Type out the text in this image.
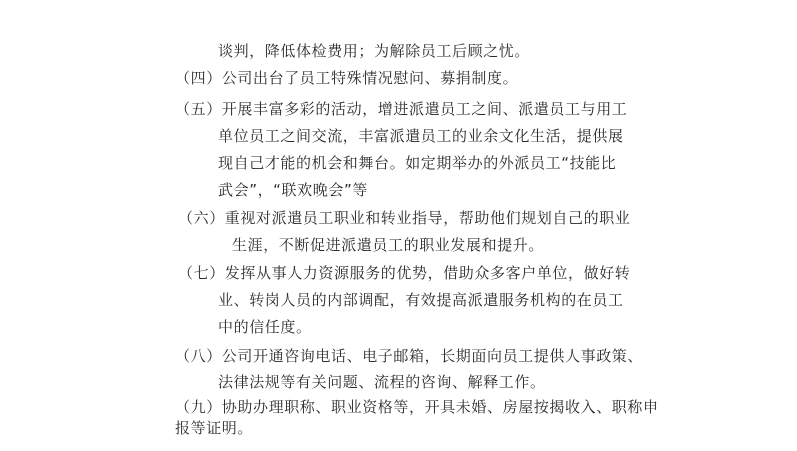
谈判，降低体检费用；为解除员工后顾之忧。
（四）公司出台了员工特殊情况慰问、募捐制度。
（五）开展丰富多彩的活动，增进派遣员工之间、派遣员工与用工
单位员工之间交流，丰富派遣员工的业余文化生活，提供展
现自己才能的机会和舞台。如定期举办的外派员工“技能比
武会”，“联欢晚会”等
（六）重视对派遣员工职业和转业指导，帮助他们规划自己的职业
生涯，不断促进派遣员工的职业发展和提升。
（七）发挥从事人力资源服务的优势，借助众多客户单位，做好转
业、转岗人员的内部调配，有效提高派遣服务机构的在员工
中的信任度。
（八）公司开通咨询电话、电子邮箱，长期面向员工提供人事政策、
法律法规等有关问题、流程的咨询、解释工作。
（九）协助办理职称、职业资格等，开具未婚、房屋按揭收入、职称申
报等证明。
